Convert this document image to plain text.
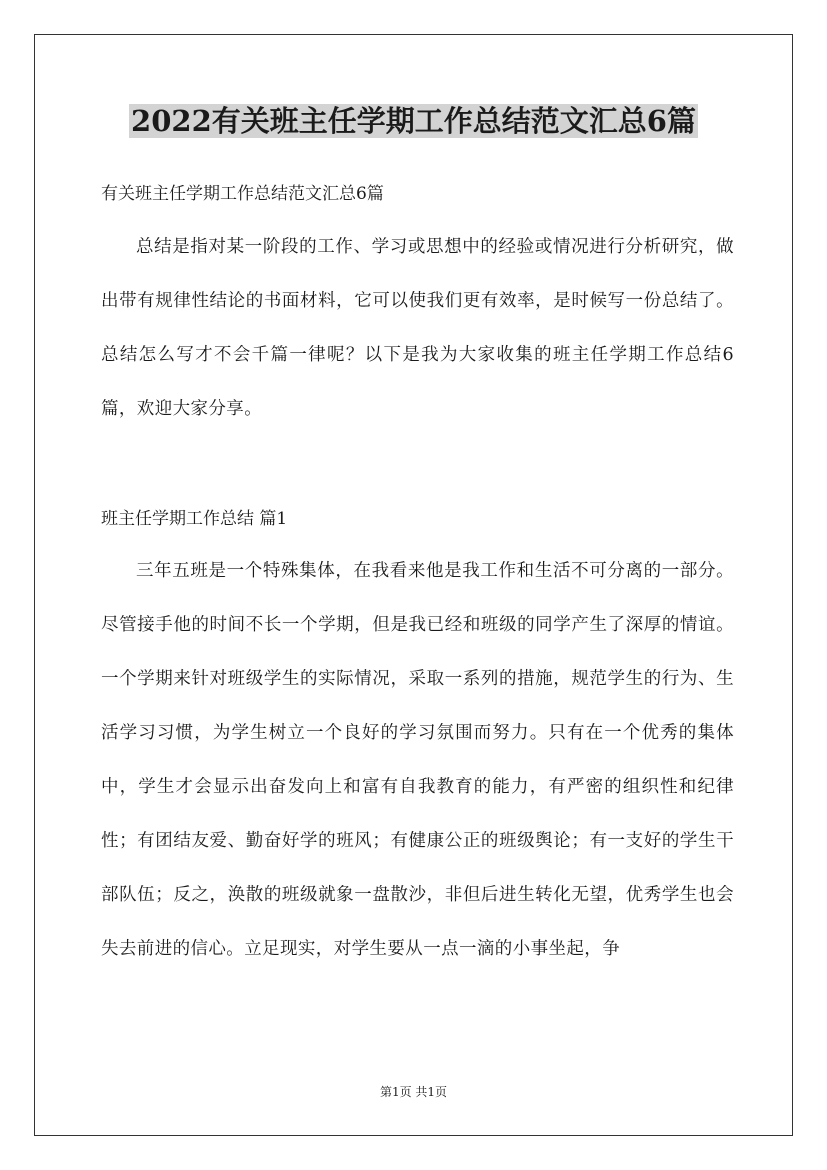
2022有关班主任学期工作总结范文汇总6篇

有关班主任学期工作总结范文汇总6篇

总结是指对某一阶段的工作、学习或思想中的经验或情况进行分析研究，做出带有规律性结论的书面材料，它可以使我们更有效率，是时候写一份总结了。总结怎么写才不会千篇一律呢？以下是我为大家收集的班主任学期工作总结6篇，欢迎大家分享。

班主任学期工作总结 篇1

三年五班是一个特殊集体，在我看来他是我工作和生活不可分离的一部分。尽管接手他的时间不长一个学期，但是我已经和班级的同学产生了深厚的情谊。一个学期来针对班级学生的实际情况，采取一系列的措施，规范学生的行为、生活学习习惯，为学生树立一个良好的学习氛围而努力。只有在一个优秀的集体中，学生才会显示出奋发向上和富有自我教育的能力，有严密的组织性和纪律性；有团结友爱、勤奋好学的班风；有健康公正的班级舆论；有一支好的学生干部队伍；反之，涣散的班级就象一盘散沙，非但后进生转化无望，优秀学生也会失去前进的信心。立足现实，对学生要从一点一滴的小事坐起，争

第1页 共1页
